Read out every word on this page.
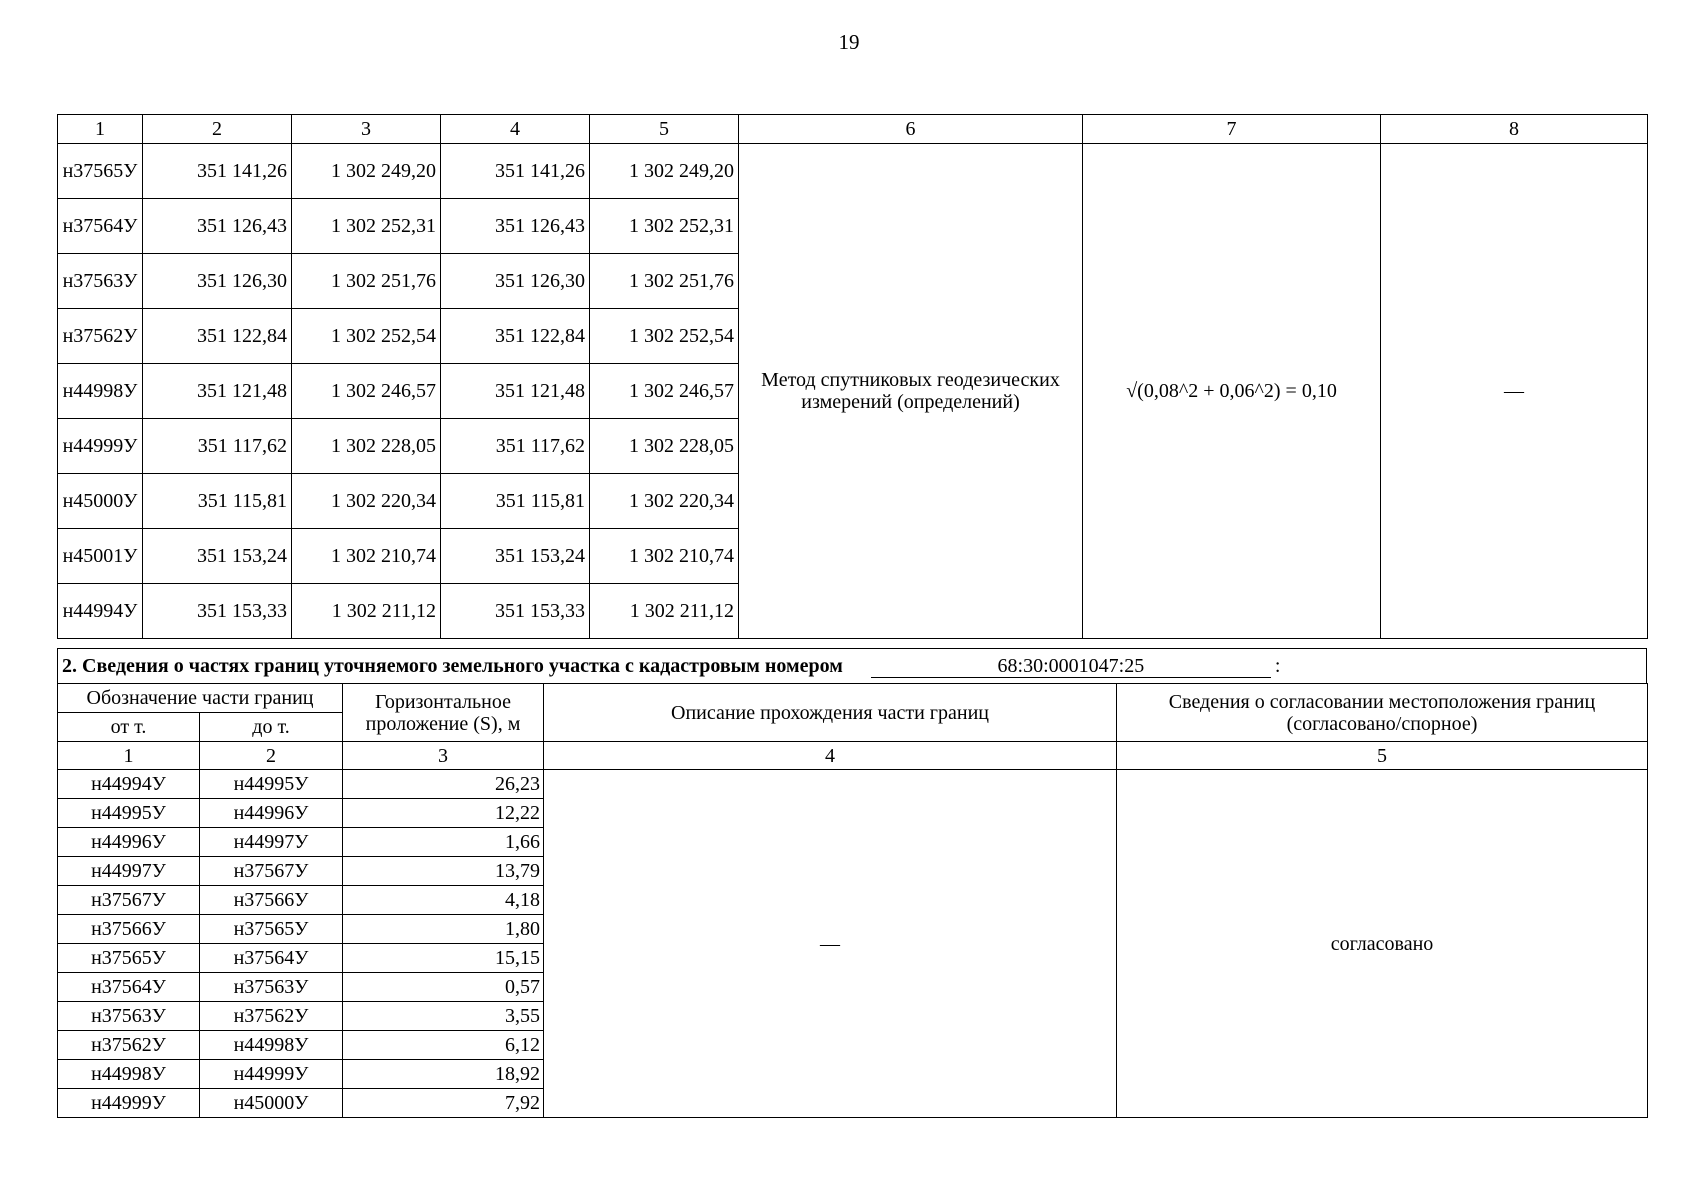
19
1	2	3	4	5	6	7	8
н37565У	351 141,26	1 302 249,20	351 141,26	1 302 249,20	Метод спутниковых геодезических измерений (определений)	√(0,08^2 + 0,06^2) = 0,10	—
н37564У	351 126,43	1 302 252,31	351 126,43	1 302 252,31			
н37563У	351 126,30	1 302 251,76	351 126,30	1 302 251,76			
н37562У	351 122,84	1 302 252,54	351 122,84	1 302 252,54			
н44998У	351 121,48	1 302 246,57	351 121,48	1 302 246,57			
н44999У	351 117,62	1 302 228,05	351 117,62	1 302 228,05			
н45000У	351 115,81	1 302 220,34	351 115,81	1 302 220,34			
н45001У	351 153,24	1 302 210,74	351 153,24	1 302 210,74			
н44994У	351 153,33	1 302 211,12	351 153,33	1 302 211,12			
2. Сведения о частях границ уточняемого земельного участка с кадастровым номером	68:30:0001047:25	:
Обозначение части границ		Горизонтальное проложение (S), м	Описание прохождения части границ	Сведения о согласовании местоположения границ (согласовано/спорное)
от т.	до т.			
1	2	3	4	5
н44994У	н44995У	26,23	—	согласовано
н44995У	н44996У	12,22		
н44996У	н44997У	1,66		
н44997У	н37567У	13,79		
н37567У	н37566У	4,18		
н37566У	н37565У	1,80		
н37565У	н37564У	15,15		
н37564У	н37563У	0,57		
н37563У	н37562У	3,55		
н37562У	н44998У	6,12		
н44998У	н44999У	18,92		
н44999У	н45000У	7,92		
